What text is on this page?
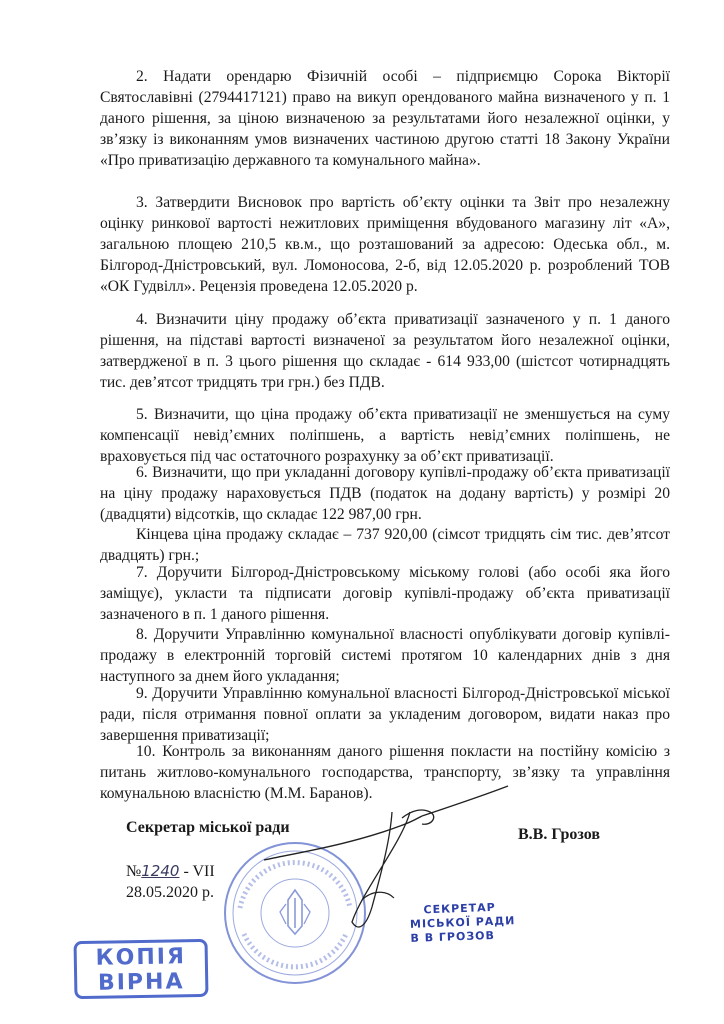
2. Надати орендарю Фізичній особі – підприємцю Сорока Вікторії Святославівні (2794417121) право на викуп орендованого майна визначеного у п. 1 даного рішення, за ціною визначеною за результатами його незалежної оцінки, у зв’язку із виконанням умов визначених частиною другою статті 18 Закону України «Про приватизацію державного та комунального майна».

3. Затвердити Висновок про вартість об’єкту оцінки та Звіт про незалежну оцінку ринкової вартості нежитлових приміщення вбудованого магазину літ «А», загальною площею 210,5 кв.м., що розташований за адресою: Одеська обл., м. Білгород-Дністровський, вул. Ломоносова, 2-б, від 12.05.2020 р. розроблений ТОВ «ОК Гудвілл». Рецензія проведена 12.05.2020 р.

4. Визначити ціну продажу об’єкта приватизації зазначеного у п. 1 даного рішення, на підставі вартості визначеної за результатом його незалежної оцінки, затвердженої в п. 3 цього рішення що складає - 614 933,00 (шістсот чотирнадцять тис. дев’ятсот тридцять три грн.) без ПДВ.

5. Визначити, що ціна продажу об’єкта приватизації не зменшується на суму компенсації невід’ємних поліпшень, а вартість невід’ємних поліпшень, не враховується під час остаточного розрахунку за об’єкт приватизації.

6. Визначити, що при укладанні договору купівлі-продажу об’єкта приватизації на ціну продажу нараховується ПДВ (податок на додану вартість) у розмірі 20 (двадцяти) відсотків, що складає 122 987,00 грн.

Кінцева ціна продажу складає – 737 920,00 (сімсот тридцять сім тис. дев’ятсот двадцять) грн.;

7. Доручити Білгород-Дністровському міському голові (або особі яка його заміщує), укласти та підписати договір купівлі-продажу об’єкта приватизації зазначеного в п. 1 даного рішення.

8. Доручити Управлінню комунальної власності опублікувати договір купівлі-продажу в електронній торговій системі протягом 10 календарних днів з дня наступного за днем його укладання;

9. Доручити Управлінню комунальної власності Білгород-Дністровської міської ради, після отримання повної оплати за укладеним договором, видати наказ про завершення приватизації;

10. Контроль за виконанням даного рішення покласти на постійну комісію з питань житлово-комунального господарства, транспорту, зв’язку та управління комунальною власністю (М.М. Баранов).

Секретар міської ради	В.В. Грозов

№1240 - VII

28.05.2020 р.

СЕКРЕТАР
МІСЬКОЇ РАДИ
В В ГРОЗОВ
КОПІЯ
ВІРНА
